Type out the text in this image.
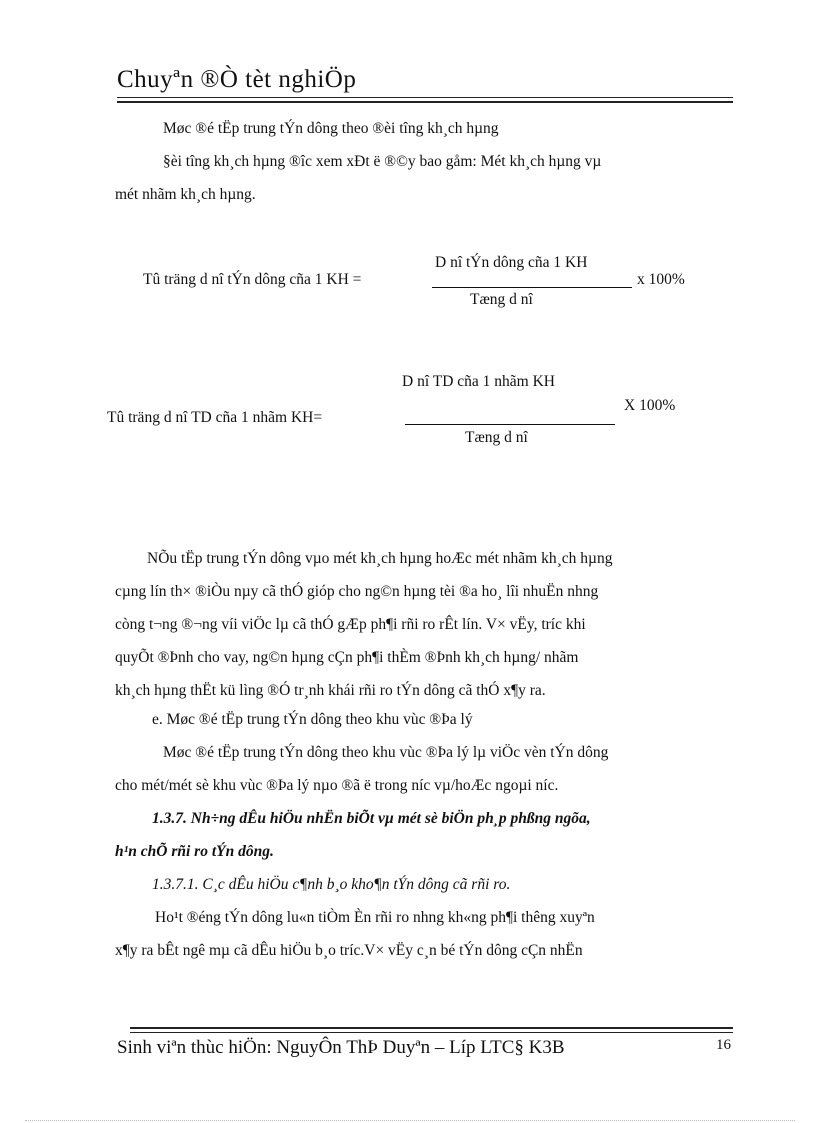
Chuyªn ®Ò tèt nghiÖp
Møc ®é tËp trung tÝn dông theo ®èi tîng kh¸ch hµng
§èi tîng kh¸ch hµng ®îc xem xÐt ë ®©y bao gåm: Mét kh¸ch hµng vµ
mét nhãm kh¸ch hµng.
D nî tÝn dông cña 1 KH
Tû träng d nî tÝn dông cña 1 KH =	x 100%
Tæng d nî
D nî TD cña 1 nhãm KH
X 100%
Tû träng d nî TD cña 1 nhãm KH=
Tæng d nî
NÕu tËp trung tÝn dông vµo mét kh¸ch hµng hoÆc mét nhãm kh¸ch hµng
cµng lín th× ®iÒu nµy cã thÓ gióp cho ng©n hµng tèi ®a ho¸ lîi nhuËn nhng
còng t¬ng ®¬ng víi viÖc lµ cã thÓ gÆp ph¶i rñi ro rÊt lín. V× vËy, tríc khi
quyÕt ®Þnh cho vay, ng©n hµng cÇn ph¶i thÈm ®Þnh kh¸ch hµng/ nhãm
kh¸ch hµng thËt kü lìng ®Ó tr¸nh khái rñi ro tÝn dông cã thÓ x¶y ra.
e. Møc ®é tËp trung tÝn dông theo khu vùc ®Þa lý
Møc ®é tËp trung tÝn dông theo khu vùc ®Þa lý lµ viÖc vèn tÝn dông
cho mét/mét sè khu vùc ®Þa lý nµo ®ã ë trong níc vµ/hoÆc ngoµi níc.
1.3.7. Nh÷ng dÊu hiÖu nhËn biÕt vµ mét sè biÖn ph¸p phßng ngõa,
h¹n chÕ rñi ro tÝn dông.
1.3.7.1. C¸c dÊu hiÖu c¶nh b¸o kho¶n tÝn dông cã rñi ro.
Ho¹t ®éng tÝn dông lu«n tiÒm Èn rñi ro nhng kh«ng ph¶i thêng xuyªn
x¶y ra bÊt ngê mµ cã dÊu hiÖu b¸o tríc.V× vËy c¸n bé tÝn dông cÇn nhËn
Sinh viªn thùc hiÖn: NguyÔn ThÞ Duyªn – Líp LTC§ K3B	16
